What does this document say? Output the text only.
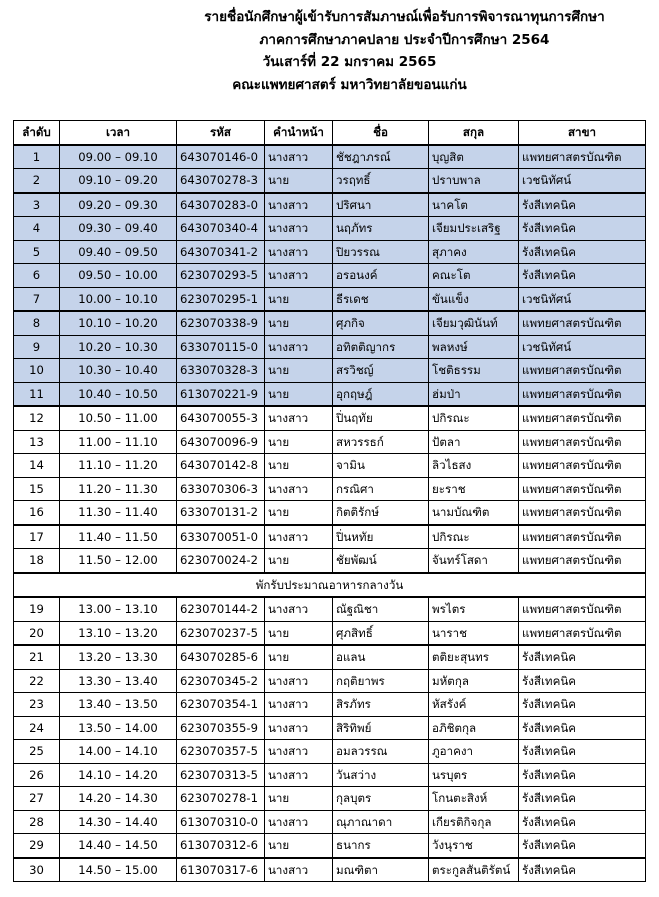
รายชื่อนักศึกษาผู้เข้ารับการสัมภาษณ์เพื่อรับการพิจารณาทุนการศึกษา
ภาคการศึกษาภาคปลาย ประจำปีการศึกษา 2564
วันเสาร์ที่ 22 มกราคม 2565
คณะแพทยศาสตร์ มหาวิทยาลัยขอนแก่น
ลำดับ	เวลา	รหัส	คำนำหน้า	ชื่อ	สกุล	สาขา
1	09.00 – 09.10	643070146-0	นางสาว	ชัชฎาภรณ์	บุญสิต	แพทยศาสตรบัณฑิต
2	09.10 – 09.20	643070278-3	นาย	วรฤทธิ์	ปราบพาล	เวชนิทัศน์
3	09.20 – 09.30	643070283-0	นางสาว	ปริศนา	นาคโต	รังสีเทคนิค
4	09.30 – 09.40	643070340-4	นางสาว	นฤภัทร	เจียมประเสริฐ	รังสีเทคนิค
5	09.40 – 09.50	643070341-2	นางสาว	ปิยวรรณ	สุภาคง	รังสีเทคนิค
6	09.50 – 10.00	623070293-5	นางสาว	อรอนงค์	คณะโต	รังสีเทคนิค
7	10.00 – 10.10	623070295-1	นาย	ธีรเดช	ขันแข็ง	เวชนิทัศน์
8	10.10 – 10.20	623070338-9	นาย	ศุภกิจ	เจียมวุฒินันท์	แพทยศาสตรบัณฑิต
9	10.20 – 10.30	633070115-0	นางสาว	อทิตติญากร	พลหงษ์	เวชนิทัศน์
10	10.30 – 10.40	633070328-3	นาย	สรวิชญ์	โชติธรรม	แพทยศาสตรบัณฑิต
11	10.40 – 10.50	613070221-9	นาย	อุกฤษฎ์	ฮ่มป่า	แพทยศาสตรบัณฑิต
12	10.50 – 11.00	643070055-3	นางสาว	ปิ่นฤทัย	ปกิรณะ	แพทยศาสตรบัณฑิต
13	11.00 – 11.10	643070096-9	นาย	สหวรรธก์	ปัตลา	แพทยศาสตรบัณฑิต
14	11.10 – 11.20	643070142-8	นาย	จามิน	ลิวไธสง	แพทยศาสตรบัณฑิต
15	11.20 – 11.30	633070306-3	นางสาว	กรณิศา	ยะราช	แพทยศาสตรบัณฑิต
16	11.30 – 11.40	633070131-2	นาย	กิตติรักษ์	นามบัณฑิต	แพทยศาสตรบัณฑิต
17	11.40 – 11.50	633070051-0	นางสาว	ปิ่นหทัย	ปกิรณะ	แพทยศาสตรบัณฑิต
18	11.50 – 12.00	623070024-2	นาย	ชัยพัฒน์	จันทร์โสดา	แพทยศาสตรบัณฑิต
พักรับประมาณอาหารกลางวัน						
19	13.00 – 13.10	623070144-2	นางสาว	ณัฐณิชา	พรไตร	แพทยศาสตรบัณฑิต
20	13.10 – 13.20	623070237-5	นาย	ศุภสิทธิ์	นาราช	แพทยศาสตรบัณฑิต
21	13.20 – 13.30	643070285-6	นาย	อแลน	ตติยะสุนทร	รังสีเทคนิค
22	13.30 – 13.40	623070345-2	นางสาว	กฤติยาพร	มหัตกุล	รังสีเทคนิค
23	13.40 – 13.50	623070354-1	นางสาว	สิรภัทร	หัสรังค์	รังสีเทคนิค
24	13.50 – 14.00	623070355-9	นางสาว	สิริทิพย์	อภิชิตกุล	รังสีเทคนิค
25	14.00 – 14.10	623070357-5	นางสาว	อมลวรรณ	ภูอาคงา	รังสีเทคนิค
26	14.10 – 14.20	623070313-5	นางสาว	วันสว่าง	นรบุตร	รังสีเทคนิค
27	14.20 – 14.30	623070278-1	นาย	กุลบุตร	โกนตะสิงห์	รังสีเทคนิค
28	14.30 – 14.40	613070310-0	นางสาว	ณุภาณาดา	เกียรติกิจกุล	รังสีเทคนิค
29	14.40 – 14.50	613070312-6	นาย	ธนากร	วังนุราช	รังสีเทคนิค
30	14.50 – 15.00	613070317-6	นางสาว	มณฑิตา	ตระกูลสันติรัตน์	รังสีเทคนิค
